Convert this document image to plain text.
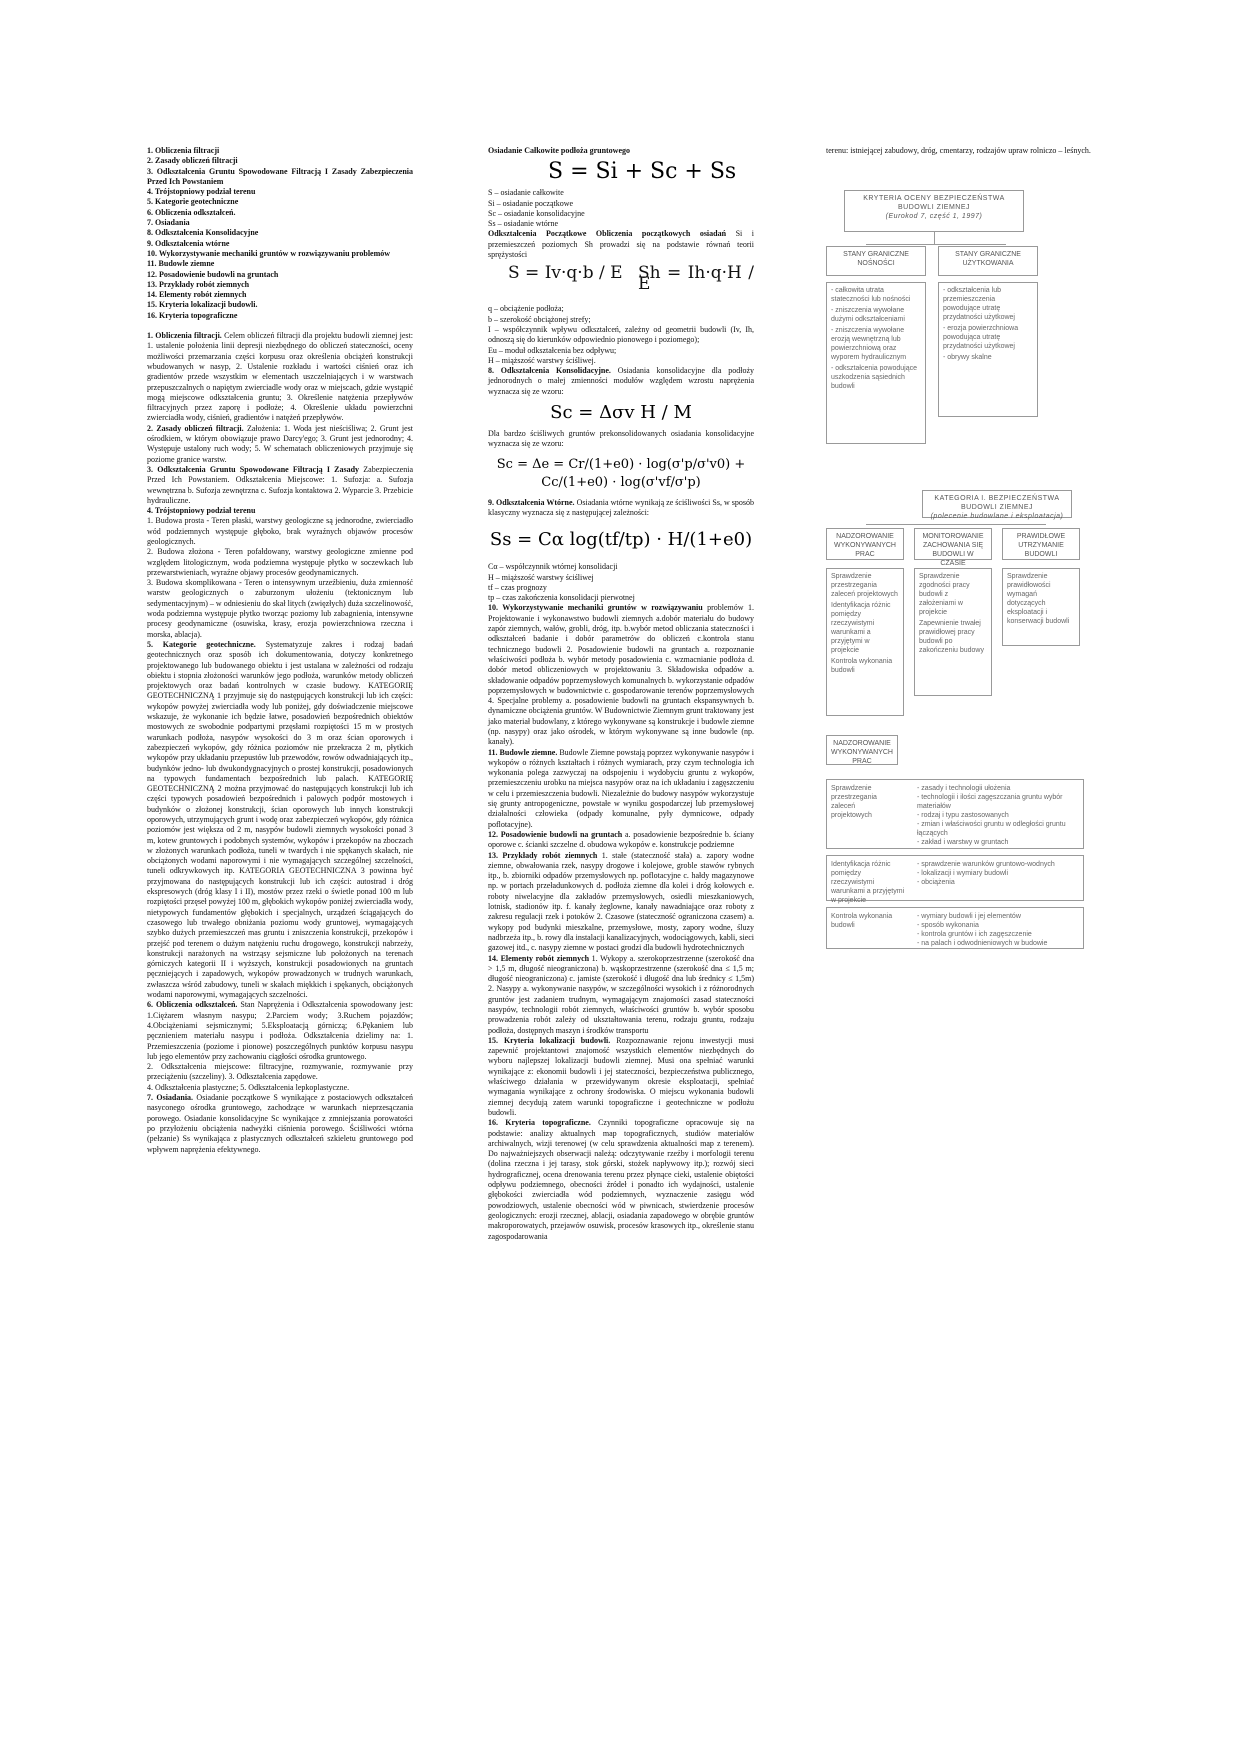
1. Obliczenia filtracji
2. Zasady obliczeń filtracji
3. Odkształcenia Gruntu Spowodowane Filtracją I Zasady Zabezpieczenia Przed Ich Powstaniem
4. Trójstopniowy podział terenu
5. Kategorie geotechniczne
6. Obliczenia odkształceń.
7. Osiadania
8. Odkształcenia Konsolidacyjne
9. Odkształcenia wtórne
10. Wykorzystywanie mechaniki gruntów w rozwiązywaniu problemów
11. Budowle ziemne
12. Posadowienie budowli na gruntach
13. Przykłady robót ziemnych
14. Elementy robót ziemnych
15. Kryteria lokalizacji budowli.
16. Kryteria topograficzne

1. Obliczenia filtracji. Celem obliczeń filtracji dla projektu budowli ziemnej jest: 1. ustalenie położenia linii depresji niezbędnego do obliczeń stateczności, oceny możliwości przemarzania części korpusu oraz określenia obciążeń konstrukcji wbudowanych w nasyp, 2. Ustalenie rozkładu i wartości ciśnień oraz ich gradientów przede wszystkim w elementach uszczelniających i w warstwach przepuszczalnych o napiętym zwierciadle wody oraz w miejscach, gdzie wystąpić mogą miejscowe odkształcenia gruntu; 3. Określenie natężenia przepływów filtracyjnych przez zaporę i podłoże; 4. Określenie układu powierzchni zwierciadła wody, ciśnień, gradientów i natężeń przepływów.

2. Zasady obliczeń filtracji. Założenia: 1. Woda jest nieściśliwa; 2. Grunt jest ośrodkiem, w którym obowiązuje prawo Darcy'ego; 3. Grunt jest jednorodny; 4. Występuje ustalony ruch wody; 5. W schematach obliczeniowych przyjmuje się poziome granice warstw.

3. Odkształcenia Gruntu Spowodowane Filtracją I Zasady Zabezpieczenia Przed Ich Powstaniem. Odkształcenia Miejscowe: 1. Sufozja: a. Sufozja wewnętrzna b. Sufozja zewnętrzna c. Sufozja kontaktowa 2. Wyparcie 3. Przebicie hydrauliczne.

4. Trójstopniowy podział terenu

1. Budowa prosta - Teren płaski, warstwy geologiczne są jednorodne, zwierciadło wód podziemnych występuje głęboko, brak wyraźnych objawów procesów geologicznych.

2. Budowa złożona - Teren pofałdowany, warstwy geologiczne zmienne pod względem litologicznym, woda podziemna występuje płytko w soczewkach lub przewarstwieniach, wyraźne objawy procesów geodynamicznych.

3. Budowa skomplikowana - Teren o intensywnym urzeźbieniu, duża zmienność warstw geologicznych o zaburzonym ułożeniu (tektonicznym lub sedymentacyjnym) – w odniesieniu do skał litych (zwięzłych) duża szczelinowość, woda podziemna występuje płytko tworząc poziomy lub zabagnienia, intensywne procesy geodynamiczne (osuwiska, krasy, erozja powierzchniowa rzeczna i morska, ablacja).

5. Kategorie geotechniczne. Systematyzuje zakres i rodzaj badań geotechnicznych oraz sposób ich dokumentowania, dotyczy konkretnego projektowanego lub budowanego obiektu i jest ustalana w zależności od rodzaju obiektu i stopnia złożoności warunków jego podłoża, warunków metody obliczeń projektowych oraz badań kontrolnych w czasie budowy. KATEGORIĘ GEOTECHNICZNĄ 1 przyjmuje się do następujących konstrukcji lub ich części: wykopów powyżej zwierciadła wody lub poniżej, gdy doświadczenie miejscowe wskazuje, że wykonanie ich będzie łatwe, posadowień bezpośrednich obiektów mostowych ze swobodnie podpartymi przęsłami rozpiętości 15 m w prostych warunkach podłoża, nasypów wysokości do 3 m oraz ścian oporowych i zabezpieczeń wykopów, gdy różnica poziomów nie przekracza 2 m, płytkich wykopów przy układaniu przepustów lub przewodów, rowów odwadniających itp., budynków jedno- lub dwukondygnacyjnych o prostej konstrukcji, posadowionych na typowych fundamentach bezpośrednich lub palach. KATEGORIĘ GEOTECHNICZNĄ 2 można przyjmować do następujących konstrukcji lub ich części typowych posadowień bezpośrednich i palowych podpór mostowych i budynków o złożonej konstrukcji, ścian oporowych lub innych konstrukcji oporowych, utrzymujących grunt i wodę oraz zabezpieczeń wykopów, gdy różnica poziomów jest większa od 2 m, nasypów budowli ziemnych wysokości ponad 3 m, kotew gruntowych i podobnych systemów, wykopów i przekopów na zboczach w złożonych warunkach podłoża, tuneli w twardych i nie spękanych skałach, nie obciążonych wodami naporowymi i nie wymagających szczególnej szczelności, tuneli odkrywkowych itp. KATEGORIA GEOTECHNICZNA 3 powinna być przyjmowana do następujących konstrukcji lub ich części: autostrad i dróg ekspresowych (dróg klasy I i II), mostów przez rzeki o świetle ponad 100 m lub rozpiętości przęseł powyżej 100 m, głębokich wykopów poniżej zwierciadła wody, nietypowych fundamentów głębokich i specjalnych, urządzeń ściągających do czasowego lub trwałego obniżania poziomu wody gruntowej, wymagających szybko dużych przemieszczeń mas gruntu i zniszczenia konstrukcji, przekopów i przejść pod terenem o dużym natężeniu ruchu drogowego, konstrukcji nabrzeży, konstrukcji narażonych na wstrząsy sejsmiczne lub położonych na terenach górniczych kategorii II i wyższych, konstrukcji posadowionych na gruntach pęczniejących i zapadowych, wykopów prowadzonych w trudnych warunkach, zwłaszcza wśród zabudowy, tuneli w skałach miękkich i spękanych, obciążonych wodami naporowymi, wymagających szczelności.

6. Obliczenia odkształceń. Stan Naprężenia i Odkształcenia spowodowany jest: 1.Ciężarem własnym nasypu; 2.Parciem wody; 3.Ruchem pojazdów; 4.Obciążeniami sejsmicznymi; 5.Eksploatacją górniczą; 6.Pękaniem lub pęcznieniem materiału nasypu i podłoża. Odkształcenia dzielimy na: 1. Przemieszczenia (poziome i pionowe) poszczególnych punktów korpusu nasypu lub jego elementów przy zachowaniu ciągłości ośrodka gruntowego.

2. Odkształcenia miejscowe: filtracyjne, rozmywanie, rozmywanie przy przeciążeniu (szczeliny). 3. Odkształcenia zapędowe.

4. Odkształcenia plastyczne; 5. Odkształcenia lepkoplastyczne.

7. Osiadania. Osiadanie początkowe S wynikające z postaciowych odkształceń nasyconego ośrodka gruntowego, zachodzące w warunkach nieprzesączania porowego. Osiadanie konsolidacyjne Sc wynikające z zmniejszania porowatości po przyłożeniu obciążenia nadwyżki ciśnienia porowego. Ściśliwości wtórna (pełzanie) Ss wynikająca z plastycznych odkształceń szkieletu gruntowego pod wpływem naprężenia efektywnego.

Osiadanie Całkowite podłoża gruntowego

S = Si + Sc + Ss
S – osiadanie całkowite
Si – osiadanie początkowe
Sc – osiadanie konsolidacyjne
Ss – osiadanie wtórne

Odkształcenia Początkowe Obliczenia początkowych osiadań Si i przemieszczeń poziomych Sh prowadzi się na podstawie równań teorii sprężystości

S = Iv·q·b / E Sh = Ih·q·H / E
q – obciążenie podłoża;
b – szerokość obciążonej strefy;
I – współczynnik wpływu odkształceń, zależny od geometrii budowli (Iv, Ih, odnoszą się do kierunków odpowiednio pionowego i poziomego);
Eu – moduł odkształcenia bez odpływu;
H – miąższość warstwy ściśliwej.

8. Odkształcenia Konsolidacyjne. Osiadania konsolidacyjne dla podłoży jednorodnych o małej zmienności modułów względem wzrostu naprężenia wyznacza się ze wzoru:

Sc = Δσv H / M

Dla bardzo ściśliwych gruntów prekonsolidowanych osiadania konsolidacyjne wyznacza się ze wzoru:

Sc = Δe = Cr/(1+e0) · log(σ'p/σ'v0) + Cc/(1+e0) · log(σ'vf/σ'p)

9. Odkształcenia Wtórne. Osiadania wtórne wynikają ze ściśliwości Ss, w sposób klasyczny wyznacza się z następującej zależności:

Ss = Cα log(tf/tp) · H/(1+e0)
Cα – współczynnik wtórnej konsolidacji
H – miąższość warstwy ściśliwej
tf – czas prognozy
tp – czas zakończenia konsolidacji pierwotnej

10. Wykorzystywanie mechaniki gruntów w rozwiązywaniu problemów 1. Projektowanie i wykonawstwo budowli ziemnych a.dobór materiału do budowy zapór ziemnych, wałów, grobli, dróg, itp. b.wybór metod obliczania stateczności i odkształceń badanie i dobór parametrów do obliczeń c.kontrola stanu technicznego budowli 2. Posadowienie budowli na gruntach a. rozpoznanie właściwości podłoża b. wybór metody posadowienia c. wzmacnianie podłoża d. dobór metod obliczeniowych w projektowaniu 3. Składowiska odpadów a. składowanie odpadów poprzemysłowych komunalnych b. wykorzystanie odpadów poprzemysłowych w budownictwie c. gospodarowanie terenów poprzemysłowych 4. Specjalne problemy a. posadowienie budowli na gruntach ekspansywnych b. dynamiczne obciążenia gruntów. W Budownictwie Ziemnym grunt traktowany jest jako materiał budowlany, z którego wykonywane są konstrukcje i budowle ziemne (np. nasypy) oraz jako ośrodek, w którym wykonywane są inne budowle (np. kanały).

11. Budowle ziemne. Budowle Ziemne powstają poprzez wykonywanie nasypów i wykopów o różnych kształtach i różnych wymiarach, przy czym technologia ich wykonania polega zazwyczaj na odspojeniu i wydobyciu gruntu z wykopów, przemieszczeniu urobku na miejsca nasypów oraz na ich układaniu i zagęszczeniu w celu i przemieszczenia budowli. Niezależnie do budowy nasypów wykorzystuje się grunty antropogeniczne, powstałe w wyniku gospodarczej lub przemysłowej działalności człowieka (odpady komunalne, pyły dymnicowe, odpady poflotacyjne).

12. Posadowienie budowli na gruntach a. posadowienie bezpośrednie b. ściany oporowe c. ścianki szczelne d. obudowa wykopów e. konstrukcje podziemne

13. Przykłady robót ziemnych 1. stałe (stateczność stała) a. zapory wodne ziemne, obwałowania rzek, nasypy drogowe i kolejowe, groble stawów rybnych itp., b. zbiorniki odpadów przemysłowych np. poflotacyjne c. hałdy magazynowe np. w portach przeładunkowych d. podłoża ziemne dla kolei i dróg kołowych e. roboty niwelacyjne dla zakładów przemysłowych, osiedli mieszkaniowych, lotnisk, stadionów itp. f. kanały żeglowne, kanały nawadniające oraz roboty z zakresu regulacji rzek i potoków 2. Czasowe (stateczność ograniczona czasem) a. wykopy pod budynki mieszkalne, przemysłowe, mosty, zapory wodne, śluzy nadbrzeża itp., b. rowy dla instalacji kanalizacyjnych, wodociągowych, kabli, sieci gazowej itd., c. nasypy ziemne w postaci grodzi dla budowli hydrotechnicznych

14. Elementy robót ziemnych 1. Wykopy a. szerokoprzestrzenne (szerokość dna > 1,5 m, długość nieograniczona) b. wąskoprzestrzenne (szerokość dna ≤ 1,5 m; długość nieograniczona) c. jamiste (szerokość i długość dna lub średnicy ≤ 1,5m) 2. Nasypy a. wykonywanie nasypów, w szczególności wysokich i z różnorodnych gruntów jest zadaniem trudnym, wymagającym znajomości zasad stateczności nasypów, technologii robót ziemnych, właściwości gruntów b. wybór sposobu prowadzenia robót zależy od ukształtowania terenu, rodzaju gruntu, rodzaju podłoża, dostępnych maszyn i środków transportu

15. Kryteria lokalizacji budowli. Rozpoznawanie rejonu inwestycji musi zapewnić projektantowi znajomość wszystkich elementów niezbędnych do wyboru najlepszej lokalizacji budowli ziemnej. Musi ona spełniać warunki wynikające z: ekonomii budowli i jej stateczności, bezpieczeństwa publicznego, właściwego działania w przewidywanym okresie eksploatacji, spełniać wymagania wynikające z ochrony środowiska. O miejscu wykonania budowli ziemnej decydują zatem warunki topograficzne i geotechniczne w podłożu budowli.

16. Kryteria topograficzne. Czynniki topograficzne opracowuje się na podstawie: analizy aktualnych map topograficznych, studiów materiałów archiwalnych, wizji terenowej (w celu sprawdzenia aktualności map z terenem). Do najważniejszych obserwacji należą: odczytywanie rzeźby i morfologii terenu (dolina rzeczna i jej tarasy, stok górski, stożek napływowy itp.); rozwój sieci hydrograficznej, ocena drenowania terenu przez płynące cieki, ustalenie obiętości odpływu podziemnego, obecności źródeł i ponadto ich wydajności, ustalenie głębokości zwierciadła wód podziemnych, wyznaczenie zasięgu wód powodziowych, ustalenie obecności wód w piwnicach, stwierdzenie procesów geologicznych: erozji rzecznej, ablacji, osiadania zapadowego w obrębie gruntów makroporowatych, przejawów osuwisk, procesów krasowych itp., określenie stanu zagospodarowania

terenu: istniejącej zabudowy, dróg, cmentarzy, rodzajów upraw rolniczo – leśnych.

KRYTERIA OCENY BEZPIECZEŃSTWA BUDOWLI ZIEMNEJ
(Eurokod 7, część 1, 1997)
STANY GRANICZNE NOŚNOŚCI
STANY GRANICZNE UŻYTKOWANIA
- całkowita utrata stateczności lub nośności
- zniszczenia wywołane dużymi odkształceniami
- zniszczenia wywołane erozją wewnętrzną lub powierzchniową oraz wyporem hydraulicznym
- odkształcenia powodujące uszkodzenia sąsiednich budowli
- odkształcenia lub przemieszczenia powodujące utratę przydatności użytkowej
- erozja powierzchniowa powodująca utratę przydatności użytkowej
- obrywy skalne
KATEGORIA I. BEZPIECZEŃSTWA BUDOWLI ZIEMNEJ
(polecenie budowlane i eksploatacja)
NADZOROWANIE WYKONYWANYCH PRAC
MONITOROWANIE ZACHOWANIA SIĘ BUDOWLI W CZASIE
PRAWIDŁOWE UTRZYMANIE BUDOWLI
Sprawdzenie przestrzegania zaleceń projektowych
Identyfikacja różnic pomiędzy rzeczywistymi warunkami a przyjętymi w projekcie
Kontrola wykonania budowli
Sprawdzenie zgodności pracy budowli z założeniami w projekcie
Zapewnienie trwałej prawidłowej pracy budowli po zakończeniu budowy
Sprawdzenie prawidłowości wymagań dotyczących eksploatacji i konserwacji budowli
NADZOROWANIE WYKONYWANYCH PRAC
Sprawdzenie przestrzegania zaleceń projektowych
- zasady i technologii ułożenia
- technologii i ilości zagęszczania gruntu wybór materiałów
- rodzaj i typu zastosowanych
- zmian i właściwości gruntu w odległości gruntu łączących
- zakład i warstwy w gruntach
Identyfikacja różnic pomiędzy rzeczywistymi warunkami a przyjętymi w projekcie
- sprawdzenie warunków gruntowo-wodnych
- lokalizacji i wymiary budowli
- obciążenia
Kontrola wykonania budowli
- wymiary budowli i jej elementów
- sposób wykonania
- kontrola gruntów i ich zagęszczenie
- na palach i odwodnieniowych w budowie
